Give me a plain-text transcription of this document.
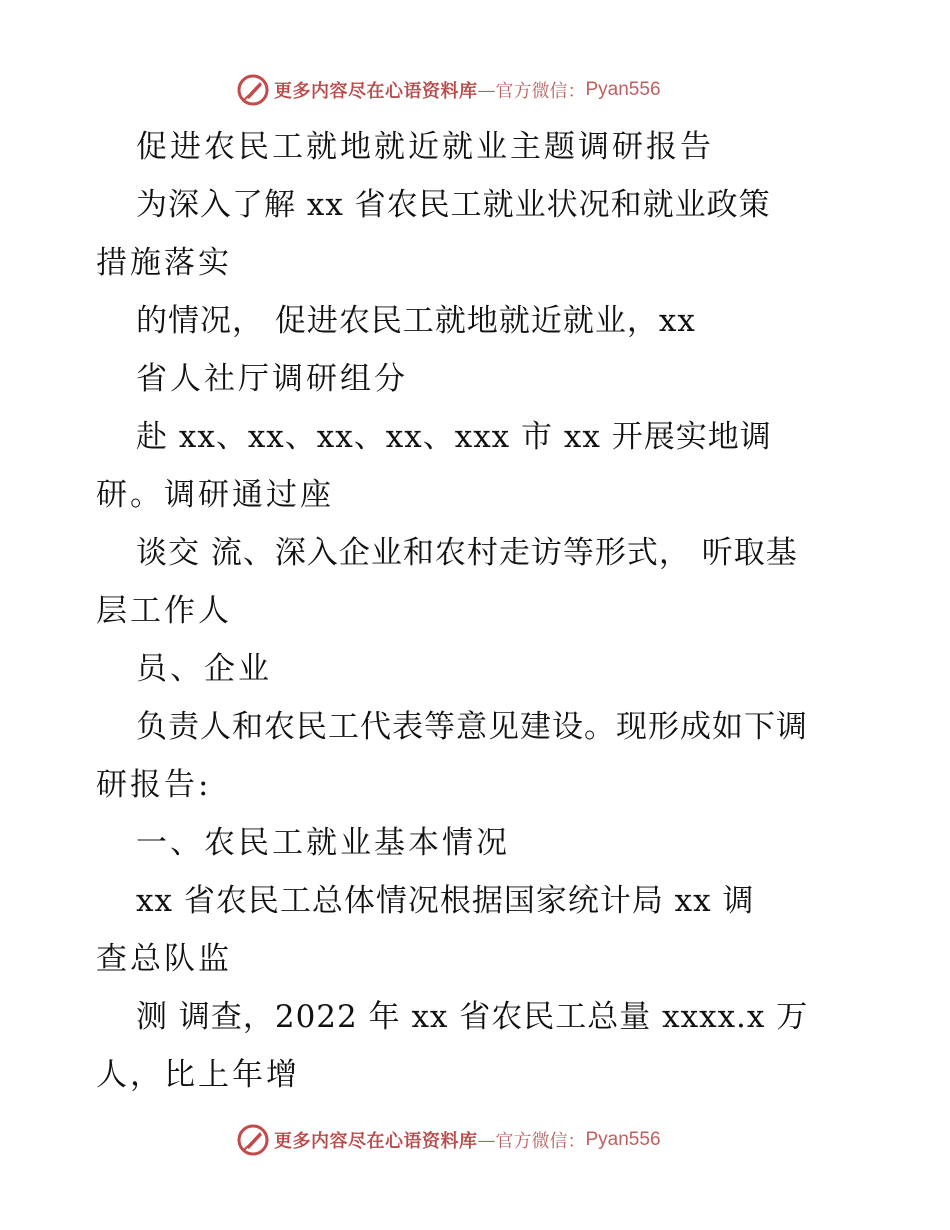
更多内容尽在心语资料库 — 官方微信： Pyan556
促进农民工就地就近就业主题调研报告
为深入了解 xx 省农民工就业状况和就业政策
措施落实
的情况， 促进农民工就地就近就业，xx
省人社厅调研组分
赴 xx、xx、xx、xx、xxx 市 xx 开展实地调
研。调研通过座
谈交 流、深入企业和农村走访等形式， 听取基
层工作人
员、企业
负责人和农民工代表等意见建设。现形成如下调
研报告:
一、农民工就业基本情况
xx 省农民工总体情况根据国家统计局 xx 调
查总队监
测 调查，2022 年 xx 省农民工总量 xxxx.x 万
人，比上年增
更多内容尽在心语资料库 — 官方微信： Pyan556
